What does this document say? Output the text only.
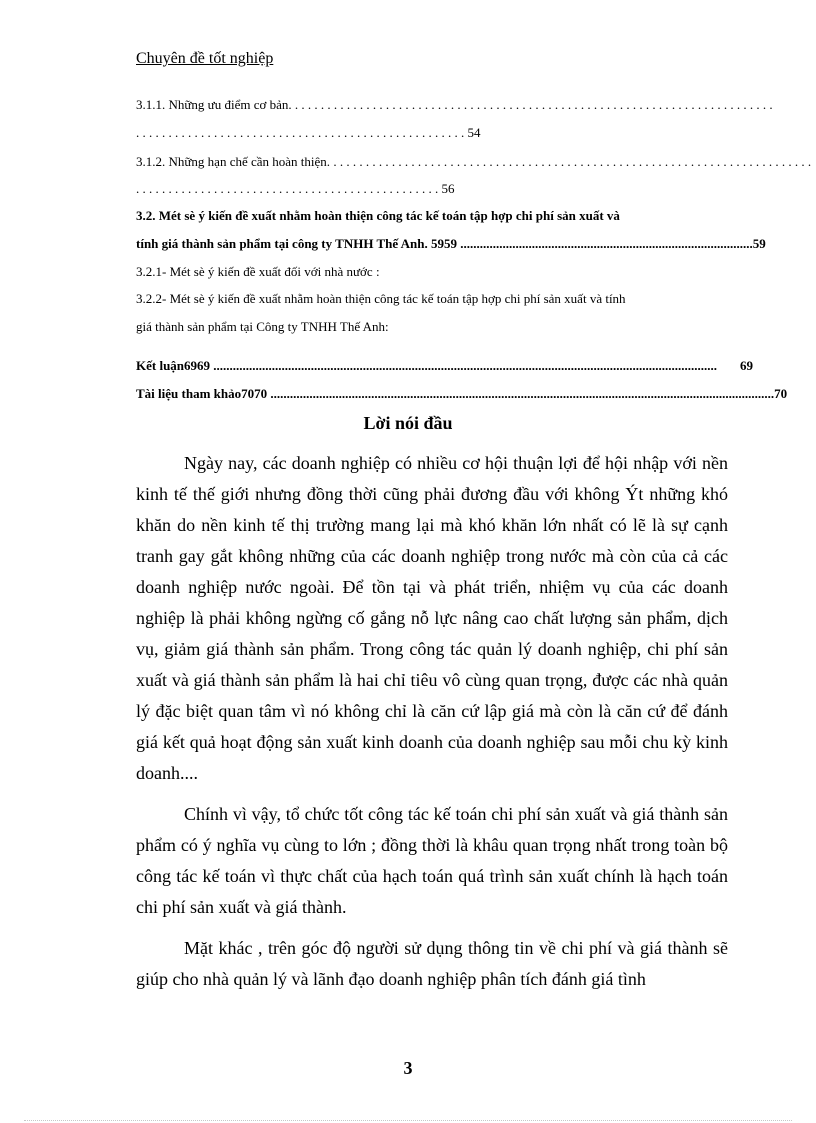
Chuyên đề tốt nghiệp
3.1.1. Những ưu điểm cơ bản. . . . . . . . . . . . . . . . . . . . . . . . . . . . . . . . . . . . . . . . . . . . . . . . . . . . . . . . . . . . . . . . . . . . . . . . . . .
. . . . . . . . . . . . . . . . . . . . . . . . . . . . . . . . . . . . . . . . . . . . . . . . . . . 54
3.1.2. Những hạn chế cần hoàn thiện. . . . . . . . . . . . . . . . . . . . . . . . . . . . . . . . . . . . . . . . . . . . . . . . . . . . . . . . . . . . . . . . . . . . . . . . . . .
. . . . . . . . . . . . . . . . . . . . . . . . . . . . . . . . . . . . . . . . . . . . . . . 56
3.2. Mét sè ý kiến đề xuất nhằm hoàn thiện công tác kế toán tập hợp chi phí sản xuất và
tính giá thành sản phẩm tại công ty TNHH Thế Anh. 5959 .......................................................................................... 59
3.2.1- Mét sè ý kiến đề xuất đối với nhà nước :
3.2.2- Mét sè ý kiến đề xuất nhằm hoàn thiện công tác kế toán tập hợp chi phí sản xuất và tính
giá thành sản phẩm tại Công ty TNHH Thế Anh:
Kết luận6969 ...........................................................................................................................................................	69
Tài liệu tham khảo7070 ........................................................................................................................................................... 70
Lời nói đầu

Ngày nay, các doanh nghiệp có nhiều cơ hội thuận lợi để hội nhập với nền kinh tế thế giới nhưng đồng thời cũng phải đương đầu với không Ýt những khó khăn do nền kinh tế thị trường mang lại mà khó khăn lớn nhất có lẽ là sự cạnh tranh gay gắt không những của các doanh nghiệp trong nước mà còn của cả các doanh nghiệp nước ngoài. Để tồn tại và phát triển, nhiệm vụ của các doanh nghiệp là phải không ngừng cố gắng nỗ lực nâng cao chất lượng sản phẩm, dịch vụ, giảm giá thành sản phẩm. Trong công tác quản lý doanh nghiệp, chi phí sản xuất và giá thành sản phẩm là hai chỉ tiêu vô cùng quan trọng, được các nhà quản lý đặc biệt quan tâm vì nó không chỉ là căn cứ lập giá mà còn là căn cứ để đánh giá kết quả hoạt động sản xuất kinh doanh của doanh nghiệp sau mỗi chu kỳ kinh doanh....

Chính vì vậy, tổ chức tốt công tác kế toán chi phí sản xuất và giá thành sản phẩm có ý nghĩa vụ cùng to lớn ; đồng thời là khâu quan trọng nhất trong toàn bộ công tác kế toán vì thực chất của hạch toán quá trình sản xuất chính là hạch toán chi phí sản xuất và giá thành.

Mặt khác , trên góc độ người sử dụng thông tin về chi phí và giá thành sẽ giúp cho nhà quản lý và lãnh đạo doanh nghiệp phân tích đánh giá tình

3
